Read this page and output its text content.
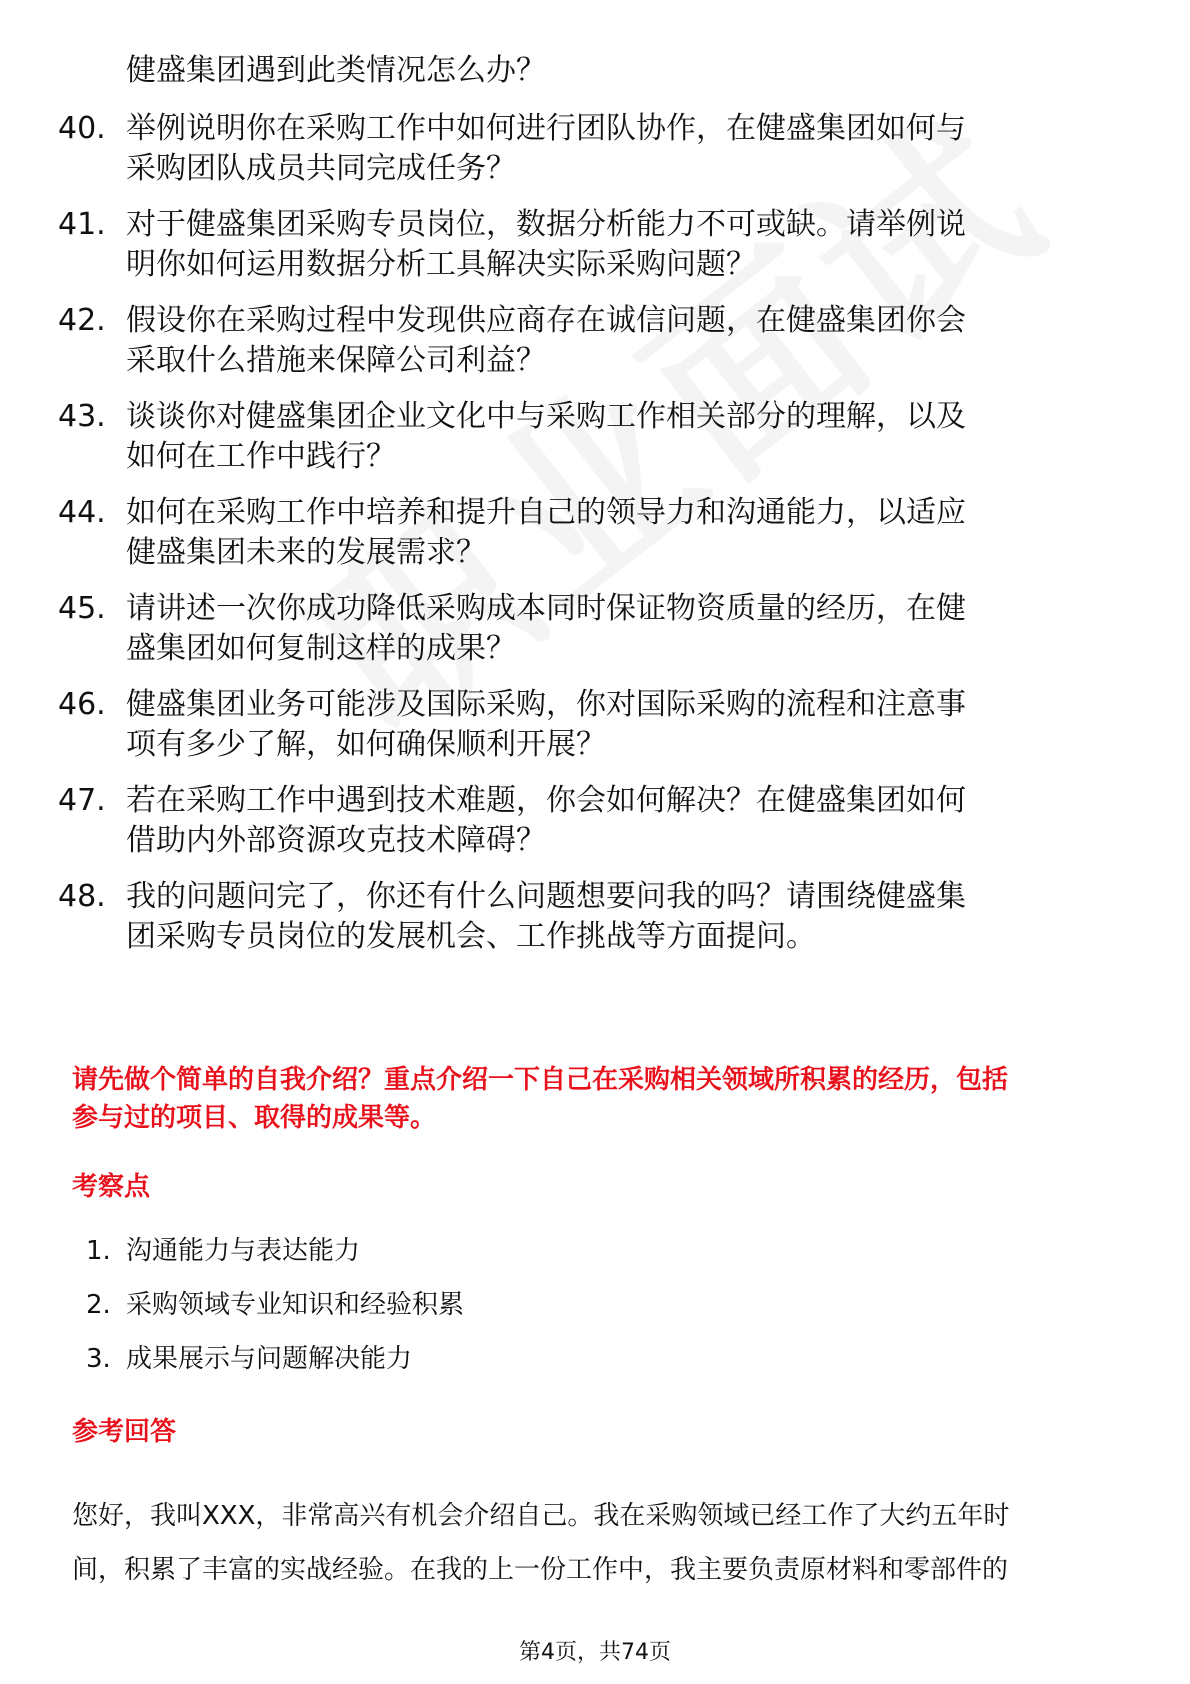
健盛集团遇到此类情况怎么办？
40. 举例说明你在采购工作中如何进行团队协作，在健盛集团如何与
采购团队成员共同完成任务？
41. 对于健盛集团采购专员岗位，数据分析能力不可或缺。请举例说
明你如何运用数据分析工具解决实际采购问题？
42. 假设你在采购过程中发现供应商存在诚信问题，在健盛集团你会
采取什么措施来保障公司利益？
43. 谈谈你对健盛集团企业文化中与采购工作相关部分的理解，以及
如何在工作中践行？
44. 如何在采购工作中培养和提升自己的领导力和沟通能力，以适应
健盛集团未来的发展需求？
45. 请讲述一次你成功降低采购成本同时保证物资质量的经历，在健
盛集团如何复制这样的成果？
46. 健盛集团业务可能涉及国际采购，你对国际采购的流程和注意事
项有多少了解，如何确保顺利开展？
47. 若在采购工作中遇到技术难题，你会如何解决？在健盛集团如何
借助内外部资源攻克技术障碍？
48. 我的问题问完了，你还有什么问题想要问我的吗？请围绕健盛集
团采购专员岗位的发展机会、工作挑战等方面提问。
请先做个简单的自我介绍？重点介绍一下自己在采购相关领域所积累的经历，包括
参与过的项目、取得的成果等。
考察点
1. 沟通能力与表达能力
2. 采购领域专业知识和经验积累
3. 成果展示与问题解决能力
参考回答
您好，我叫XXX，非常高兴有机会介绍自己。我在采购领域已经工作了大约五年时
间，积累了丰富的实战经验。在我的上一份工作中，我主要负责原材料和零部件的
第4页，共74页
